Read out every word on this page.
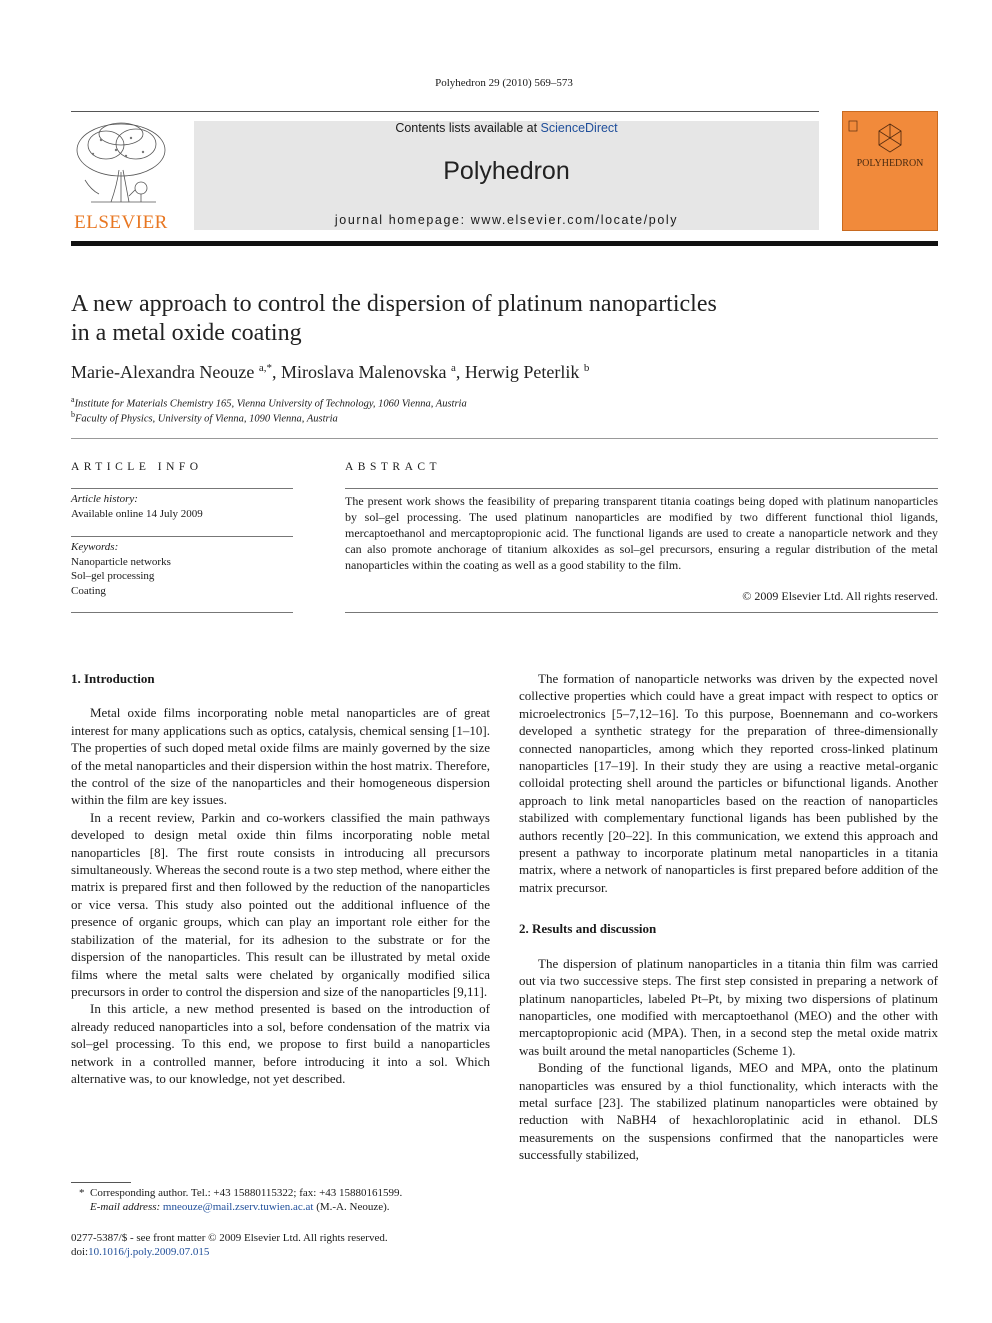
Polyhedron 29 (2010) 569–573
ELSEVIER
Contents lists available at ScienceDirect
Polyhedron
journal homepage: www.elsevier.com/locate/poly
POLYHEDRON
A new approach to control the dispersion of platinum nanoparticles
in a metal oxide coating
Marie-Alexandra Neouze $^{a,*}$, Miroslava Malenovska $^a$, Herwig Peterlik $^b$
$^a$Institute for Materials Chemistry 165, Vienna University of Technology, 1060 Vienna, Austria
$^b$Faculty of Physics, University of Vienna, 1090 Vienna, Austria
ARTICLE INFO
Article history:
Available online 14 July 2009
Keywords:
Nanoparticle networks
Sol–gel processing
Coating
ABSTRACT
The present work shows the feasibility of preparing transparent titania coatings being doped with platinum nanoparticles by sol–gel processing. The used platinum nanoparticles are modified by two different functional thiol ligands, mercaptoethanol and mercaptopropionic acid. The functional ligands are used to create a nanoparticle network and they can also promote anchorage of titanium alkoxides as sol–gel precursors, ensuring a regular distribution of the metal nanoparticles within the coating as well as a good stability to the film.
© 2009 Elsevier Ltd. All rights reserved.
1. Introduction

Metal oxide films incorporating noble metal nanoparticles are of great interest for many applications such as optics, catalysis, chemical sensing [1–10]. The properties of such doped metal oxide films are mainly governed by the size of the metal nanoparticles and their dispersion within the host matrix. Therefore, the control of the size of the nanoparticles and their homogeneous dispersion within the film are key issues.

In a recent review, Parkin and co-workers classified the main pathways developed to design metal oxide thin films incorporating noble metal nanoparticles [8]. The first route consists in introducing all precursors simultaneously. Whereas the second route is a two step method, where either the matrix is prepared first and then followed by the reduction of the nanoparticles or vice versa. This study also pointed out the additional influence of the presence of organic groups, which can play an important role either for the stabilization of the material, for its adhesion to the substrate or for the dispersion of the nanoparticles. This result can be illustrated by metal oxide films where the metal salts were chelated by organically modified silica precursors in order to control the dispersion and size of the nanoparticles [9,11].

In this article, a new method presented is based on the introduction of already reduced nanoparticles into a sol, before condensation of the matrix via sol–gel processing. To this end, we propose to first build a nanoparticles network in a controlled manner, before introducing it into a sol. Which alternative was, to our knowledge, not yet described.

The formation of nanoparticle networks was driven by the expected novel collective properties which could have a great impact with respect to optics or microelectronics [5–7,12–16]. To this purpose, Boennemann and co-workers developed a synthetic strategy for the preparation of three-dimensionally connected nanoparticles, among which they reported cross-linked platinum nanoparticles [17–19]. In their study they are using a reactive metal-organic colloidal protecting shell around the particles or bifunctional ligands. Another approach to link metal nanoparticles based on the reaction of nanoparticles stabilized with complementary functional ligands has been published by the authors recently [20–22]. In this communication, we extend this approach and present a pathway to incorporate platinum metal nanoparticles in a titania matrix, where a network of nanoparticles is first prepared before addition of the matrix precursor.

2. Results and discussion

The dispersion of platinum nanoparticles in a titania thin film was carried out via two successive steps. The first step consisted in preparing a network of platinum nanoparticles, labeled Pt–Pt, by mixing two dispersions of platinum nanoparticles, one modified with mercaptoethanol (MEO) and the other with mercaptopropionic acid (MPA). Then, in a second step the metal oxide matrix was built around the metal nanoparticles (Scheme 1).

Bonding of the functional ligands, MEO and MPA, onto the platinum nanoparticles was ensured by a thiol functionality, which interacts with the metal surface [23]. The stabilized platinum nanoparticles were obtained by reduction with NaBH4 of hexachloroplatinic acid in ethanol. DLS measurements on the suspensions confirmed that the nanoparticles were successfully stabilized,

* Corresponding author. Tel.: +43 15880115322; fax: +43 15880161599.
E-mail address: mneouze@mail.zserv.tuwien.ac.at (M.-A. Neouze).
0277-5387/$ - see front matter © 2009 Elsevier Ltd. All rights reserved.
doi:10.1016/j.poly.2009.07.015
